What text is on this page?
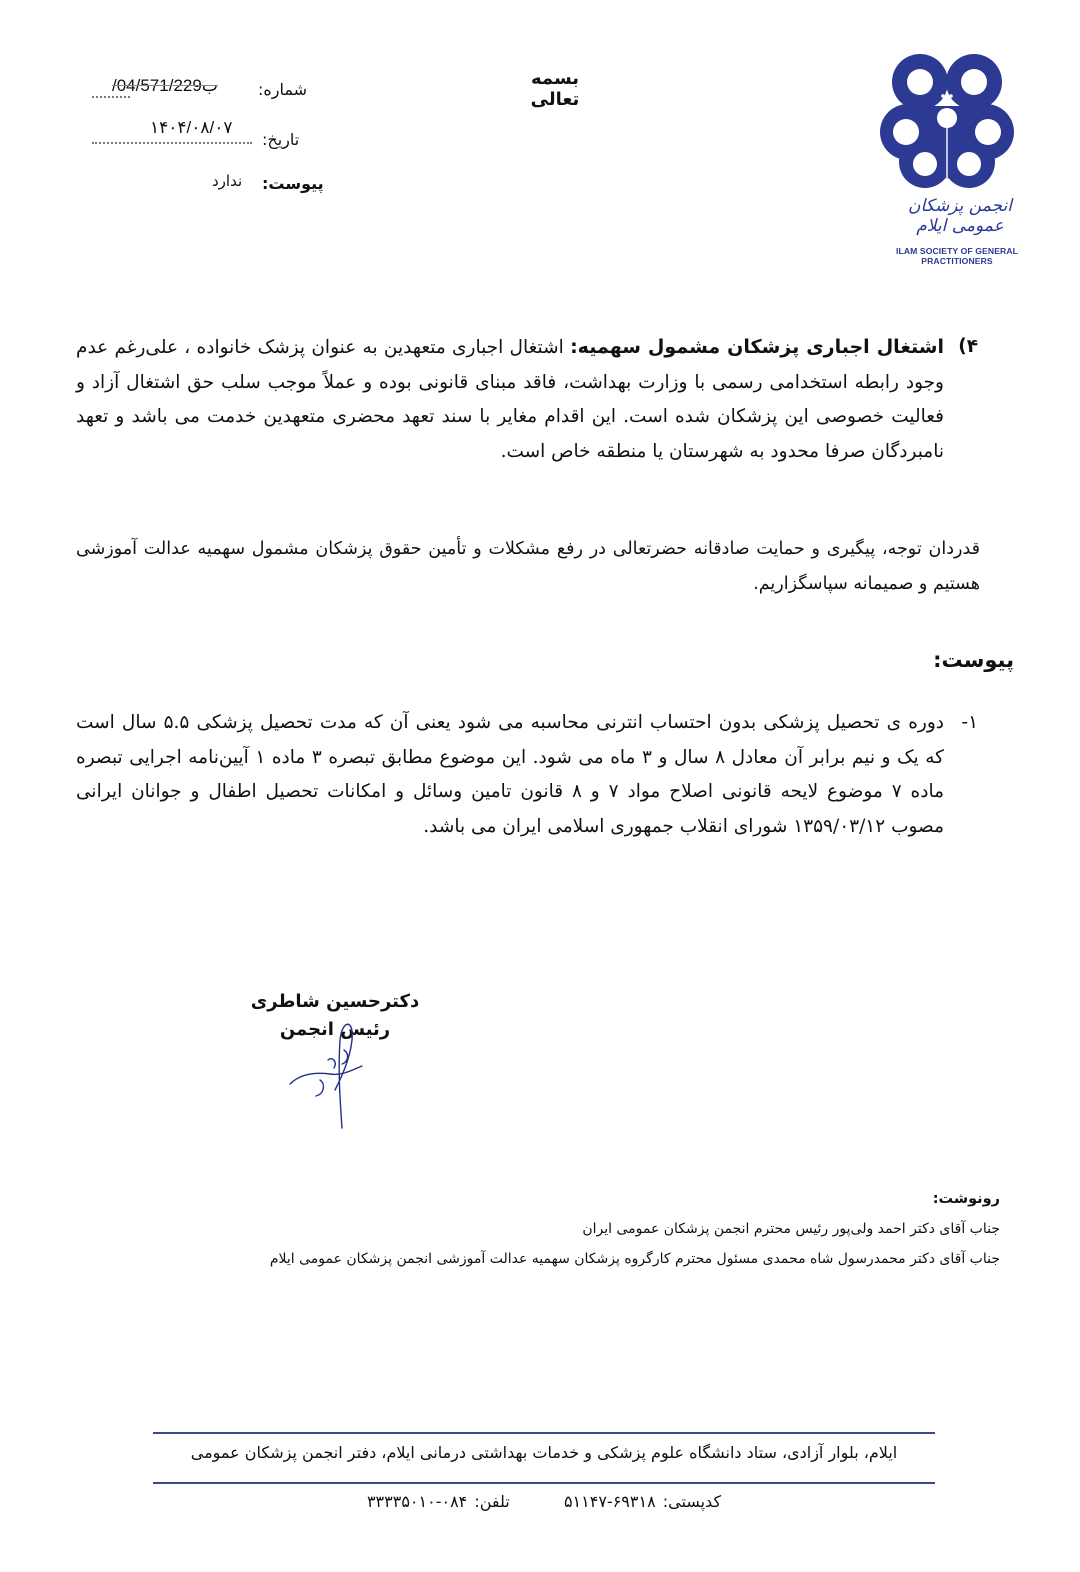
بسمه تعالی
شماره:
/04/571/229ب
تاریخ:
۱۴۰۴/۰۸/۰۷
پیوست:
ندارد
انجمن پزشکان عمومی ایلام
ILAM SOCIETY OF GENERAL PRACTITIONERS
۴)
اشتغال اجباری پزشکان مشمول سهمیه: اشتغال اجباری متعهدین به عنوان پزشک خانواده ، علی‌رغم عدم وجود رابطه استخدامی رسمی با وزارت بهداشت، فاقد مبنای قانونی بوده و عملاً موجب سلب حق اشتغال آزاد و فعالیت خصوصی این پزشکان شده است. این اقدام مغایر با سند تعهد محضری متعهدین خدمت می باشد و تعهد نامبردگان صرفا محدود به شهرستان یا منطقه خاص است.
قدردان توجه، پیگیری و حمایت صادقانه حضرتعالی در رفع مشکلات و تأمین حقوق پزشکان مشمول سهمیه عدالت آموزشی هستیم و صمیمانه سپاسگزاریم.
پیوست:
۱-
دوره ی تحصیل پزشکی بدون احتساب انترنی محاسبه می شود یعنی آن که مدت تحصیل پزشکی ۵.۵ سال است که یک و نیم برابر آن معادل ۸ سال و ۳ ماه می شود. این موضوع مطابق تبصره ۳ ماده ۱ آیین‌نامه اجرایی تبصره ماده ۷ موضوع لایحه قانونی اصلاح مواد ۷ و ۸ قانون تامین وسائل و امکانات تحصیل اطفال و جوانان ایرانی مصوب ۱۳۵۹/۰۳/۱۲ شورای انقلاب جمهوری اسلامی ایران می باشد.
دکترحسین شاطری
رئیس انجمن
رونوشت:
جناب آقای دکتر احمد ولی‌پور رئیس محترم انجمن پزشکان عمومی ایران
جناب آقای دکتر محمدرسول شاه محمدی مسئول محترم کارگروه پزشکان سهمیه عدالت آموزشی انجمن پزشکان عمومی ایلام
ایلام، بلوار آزادی، ستاد دانشگاه علوم پزشکی و خدمات بهداشتی درمانی ایلام، دفتر انجمن پزشکان عمومی
کدپستی: ۶۹۳۱۸-۵۱۱۴۷  تلفن: ۰۸۴-۳۳۳۳۵۰۱۰
